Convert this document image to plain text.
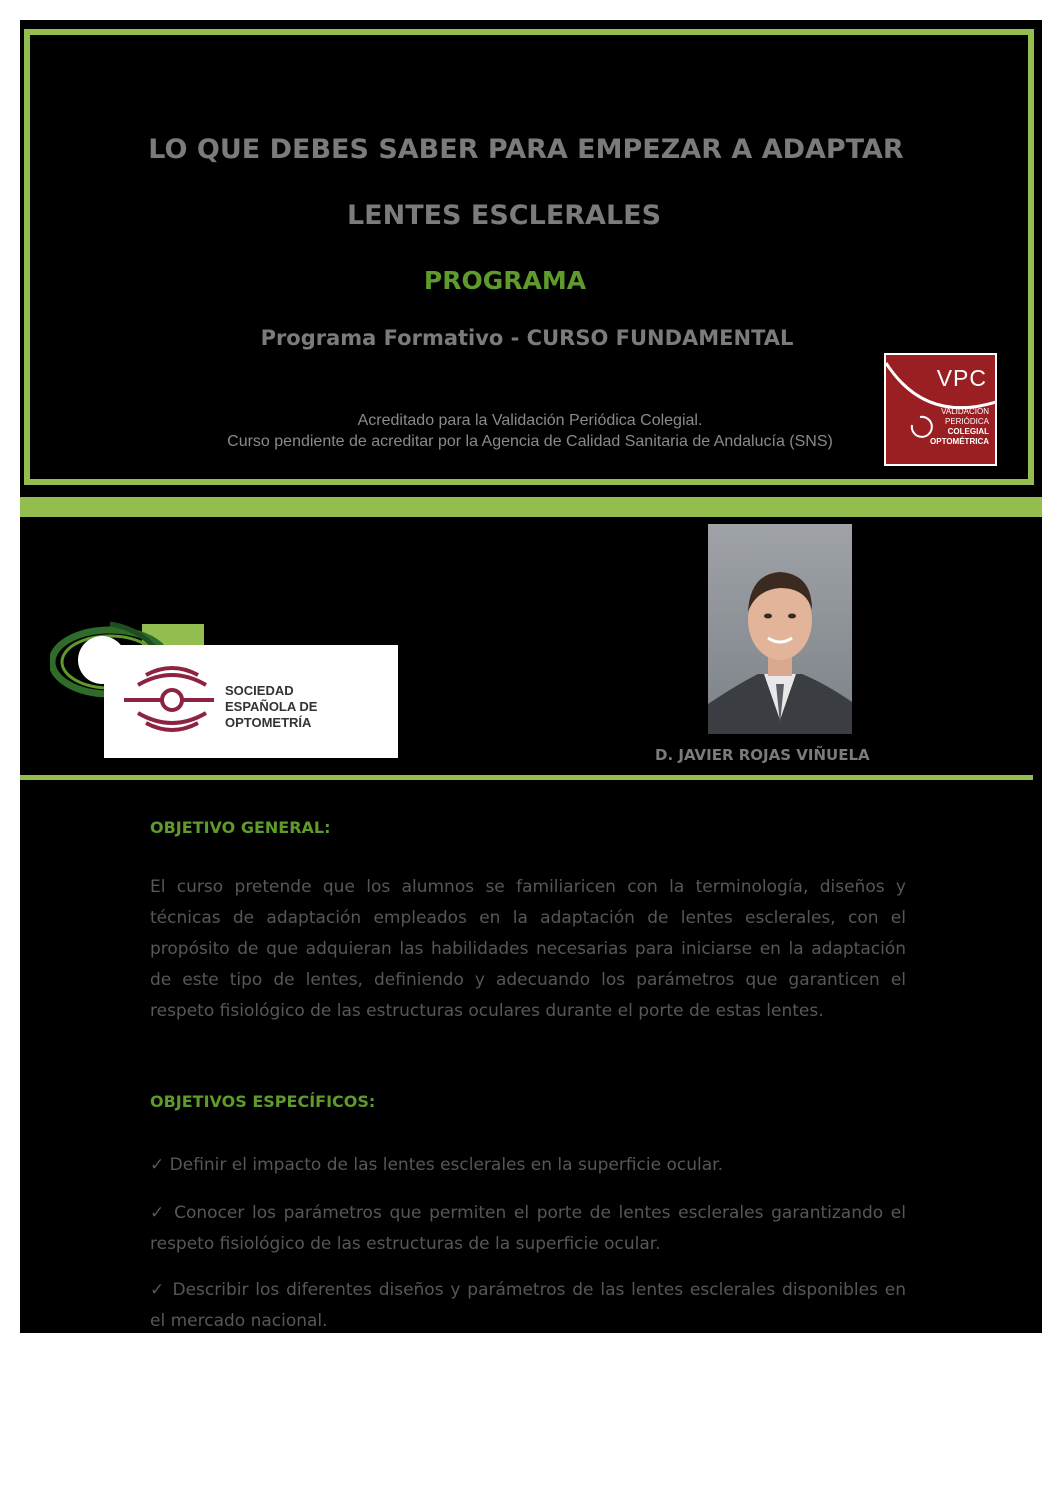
LO QUE DEBES SABER PARA EMPEZAR A ADAPTAR
LENTES ESCLERALES
PROGRAMA
Programa Formativo - CURSO FUNDAMENTAL
Acreditado para la Validación Periódica Colegial.
Curso pendiente de acreditar por la Agencia de Calidad Sanitaria de Andalucía (SNS)
VPC
VALIDACIÓN
PERIÓDICA
COLEGIAL
OPTOMÉTRICA
SOCIEDAD
ESPAÑOLA DE
OPTOMETRÍA
D. JAVIER ROJAS VIÑUELA
OBJETIVO GENERAL:
El curso pretende que los alumnos se familiaricen con la terminología, diseños y técnicas de adaptación empleados en la adaptación de lentes esclerales, con el propósito de que adquieran las habilidades necesarias para iniciarse en la adaptación de este tipo de lentes, definiendo y adecuando los parámetros que garanticen el respeto fisiológico de las estructuras oculares durante el porte de estas lentes.
OBJETIVOS ESPECÍFICOS:
✓ Definir el impacto de las lentes esclerales en la superficie ocular.
✓ Conocer los parámetros que permiten el porte de lentes esclerales garantizando el respeto fisiológico de las estructuras de la superficie ocular.
✓ Describir los diferentes diseños y parámetros de las lentes esclerales disponibles en el mercado nacional.
